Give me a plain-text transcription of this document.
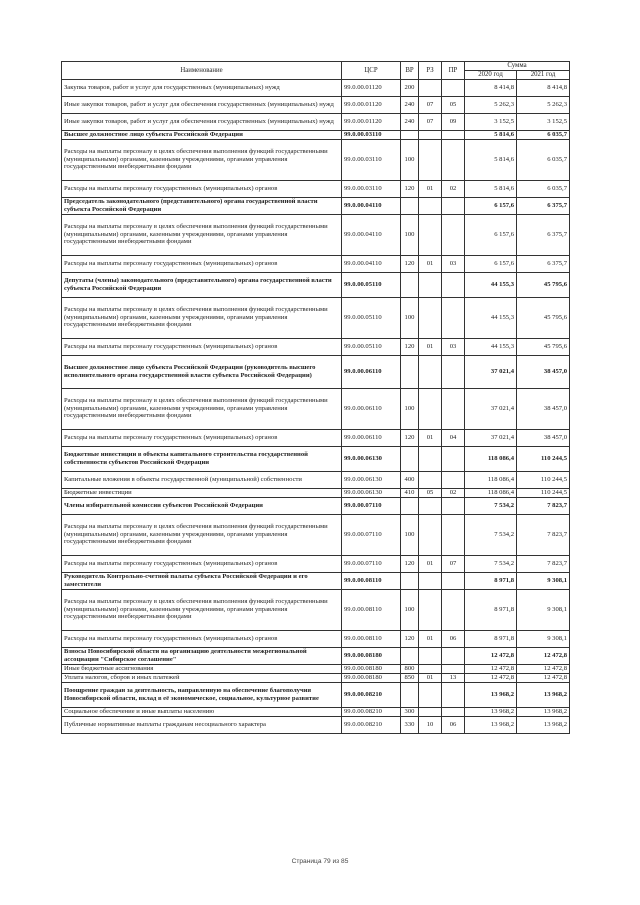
Наименование	ЦСР	ВР	РЗ	ПР	Сумма	
					2020 год	2021 год
Закупка товаров, работ и услуг для государственных (муниципальных) нужд	99.0.00.01120	200			8 414,8	8 414,8
Иные закупки товаров, работ и услуг для обеспечения государственных (муниципальных) нужд	99.0.00.01120	240	07	05	5 262,3	5 262,3
Иные закупки товаров, работ и услуг для обеспечения государственных (муниципальных) нужд	99.0.00.01120	240	07	09	3 152,5	3 152,5
Высшее должностное лицо субъекта Российской Федерации	99.0.00.03110				5 814,6	6 035,7
Расходы на выплаты персоналу в целях обеспечения выполнения функций государственными (муниципальными) органами, казенными учреждениями, органами управления государственными внебюджетными фондами	99.0.00.03110	100			5 814,6	6 035,7
Расходы на выплаты персоналу государственных (муниципальных) органов	99.0.00.03110	120	01	02	5 814,6	6 035,7
Председатель законодательного (представительного) органа государственной власти субъекта Российской Федерации	99.0.00.04110				6 157,6	6 375,7
Расходы на выплаты персоналу в целях обеспечения выполнения функций государственными (муниципальными) органами, казенными учреждениями, органами управления государственными внебюджетными фондами	99.0.00.04110	100			6 157,6	6 375,7
Расходы на выплаты персоналу государственных (муниципальных) органов	99.0.00.04110	120	01	03	6 157,6	6 375,7
Депутаты (члены) законодательного (представительного) органа государственной власти субъекта Российской Федерации	99.0.00.05110				44 155,3	45 795,6
Расходы на выплаты персоналу в целях обеспечения выполнения функций государственными (муниципальными) органами, казенными учреждениями, органами управления государственными внебюджетными фондами	99.0.00.05110	100			44 155,3	45 795,6
Расходы на выплаты персоналу государственных (муниципальных) органов	99.0.00.05110	120	01	03	44 155,3	45 795,6
Высшее должностное лицо субъекта Российской Федерации (руководитель высшего исполнительного органа государственной власти субъекта Российской Федерации)	99.0.00.06110				37 021,4	38 457,0
Расходы на выплаты персоналу в целях обеспечения выполнения функций государственными (муниципальными) органами, казенными учреждениями, органами управления государственными внебюджетными фондами	99.0.00.06110	100			37 021,4	38 457,0
Расходы на выплаты персоналу государственных (муниципальных) органов	99.0.00.06110	120	01	04	37 021,4	38 457,0
Бюджетные инвестиции в объекты капитального строительства государственной собственности субъектов Российской Федерации	99.0.00.06130				118 086,4	110 244,5
Капитальные вложения в объекты государственной (муниципальной) собственности	99.0.00.06130	400			118 086,4	110 244,5
Бюджетные инвестиции	99.0.00.06130	410	05	02	118 086,4	110 244,5
Члены избирательной комиссии субъектов Российской Федерации	99.0.00.07110				7 534,2	7 823,7
Расходы на выплаты персоналу в целях обеспечения выполнения функций государственными (муниципальными) органами, казенными учреждениями, органами управления государственными внебюджетными фондами	99.0.00.07110	100			7 534,2	7 823,7
Расходы на выплаты персоналу государственных (муниципальных) органов	99.0.00.07110	120	01	07	7 534,2	7 823,7
Руководитель Контрольно-счетной палаты субъекта Российской Федерации и его заместители	99.0.00.08110				8 971,8	9 308,1
Расходы на выплаты персоналу в целях обеспечения выполнения функций государственными (муниципальными) органами, казенными учреждениями, органами управления государственными внебюджетными фондами	99.0.00.08110	100			8 971,8	9 308,1
Расходы на выплаты персоналу государственных (муниципальных) органов	99.0.00.08110	120	01	06	8 971,8	9 308,1
Взносы Новосибирской области на организацию деятельности межрегиональной ассоциации "Сибирское соглашение"	99.0.00.08180				12 472,8	12 472,8
Иные бюджетные ассигнования	99.0.00.08180	800			12 472,8	12 472,8
Уплата налогов, сборов и иных платежей	99.0.00.08180	850	01	13	12 472,8	12 472,8
Поощрение граждан за деятельность, направленную на обеспечение благополучия Новосибирской области, вклад в её экономическое, социальное, культурное развитие	99.0.00.08210				13 968,2	13 968,2
Социальное обеспечение и иные выплаты населению	99.0.00.08210	300			13 968,2	13 968,2
Публичные нормативные выплаты гражданам несоциального характера	99.0.00.08210	330	10	06	13 968,2	13 968,2
Страница 79 из 85
